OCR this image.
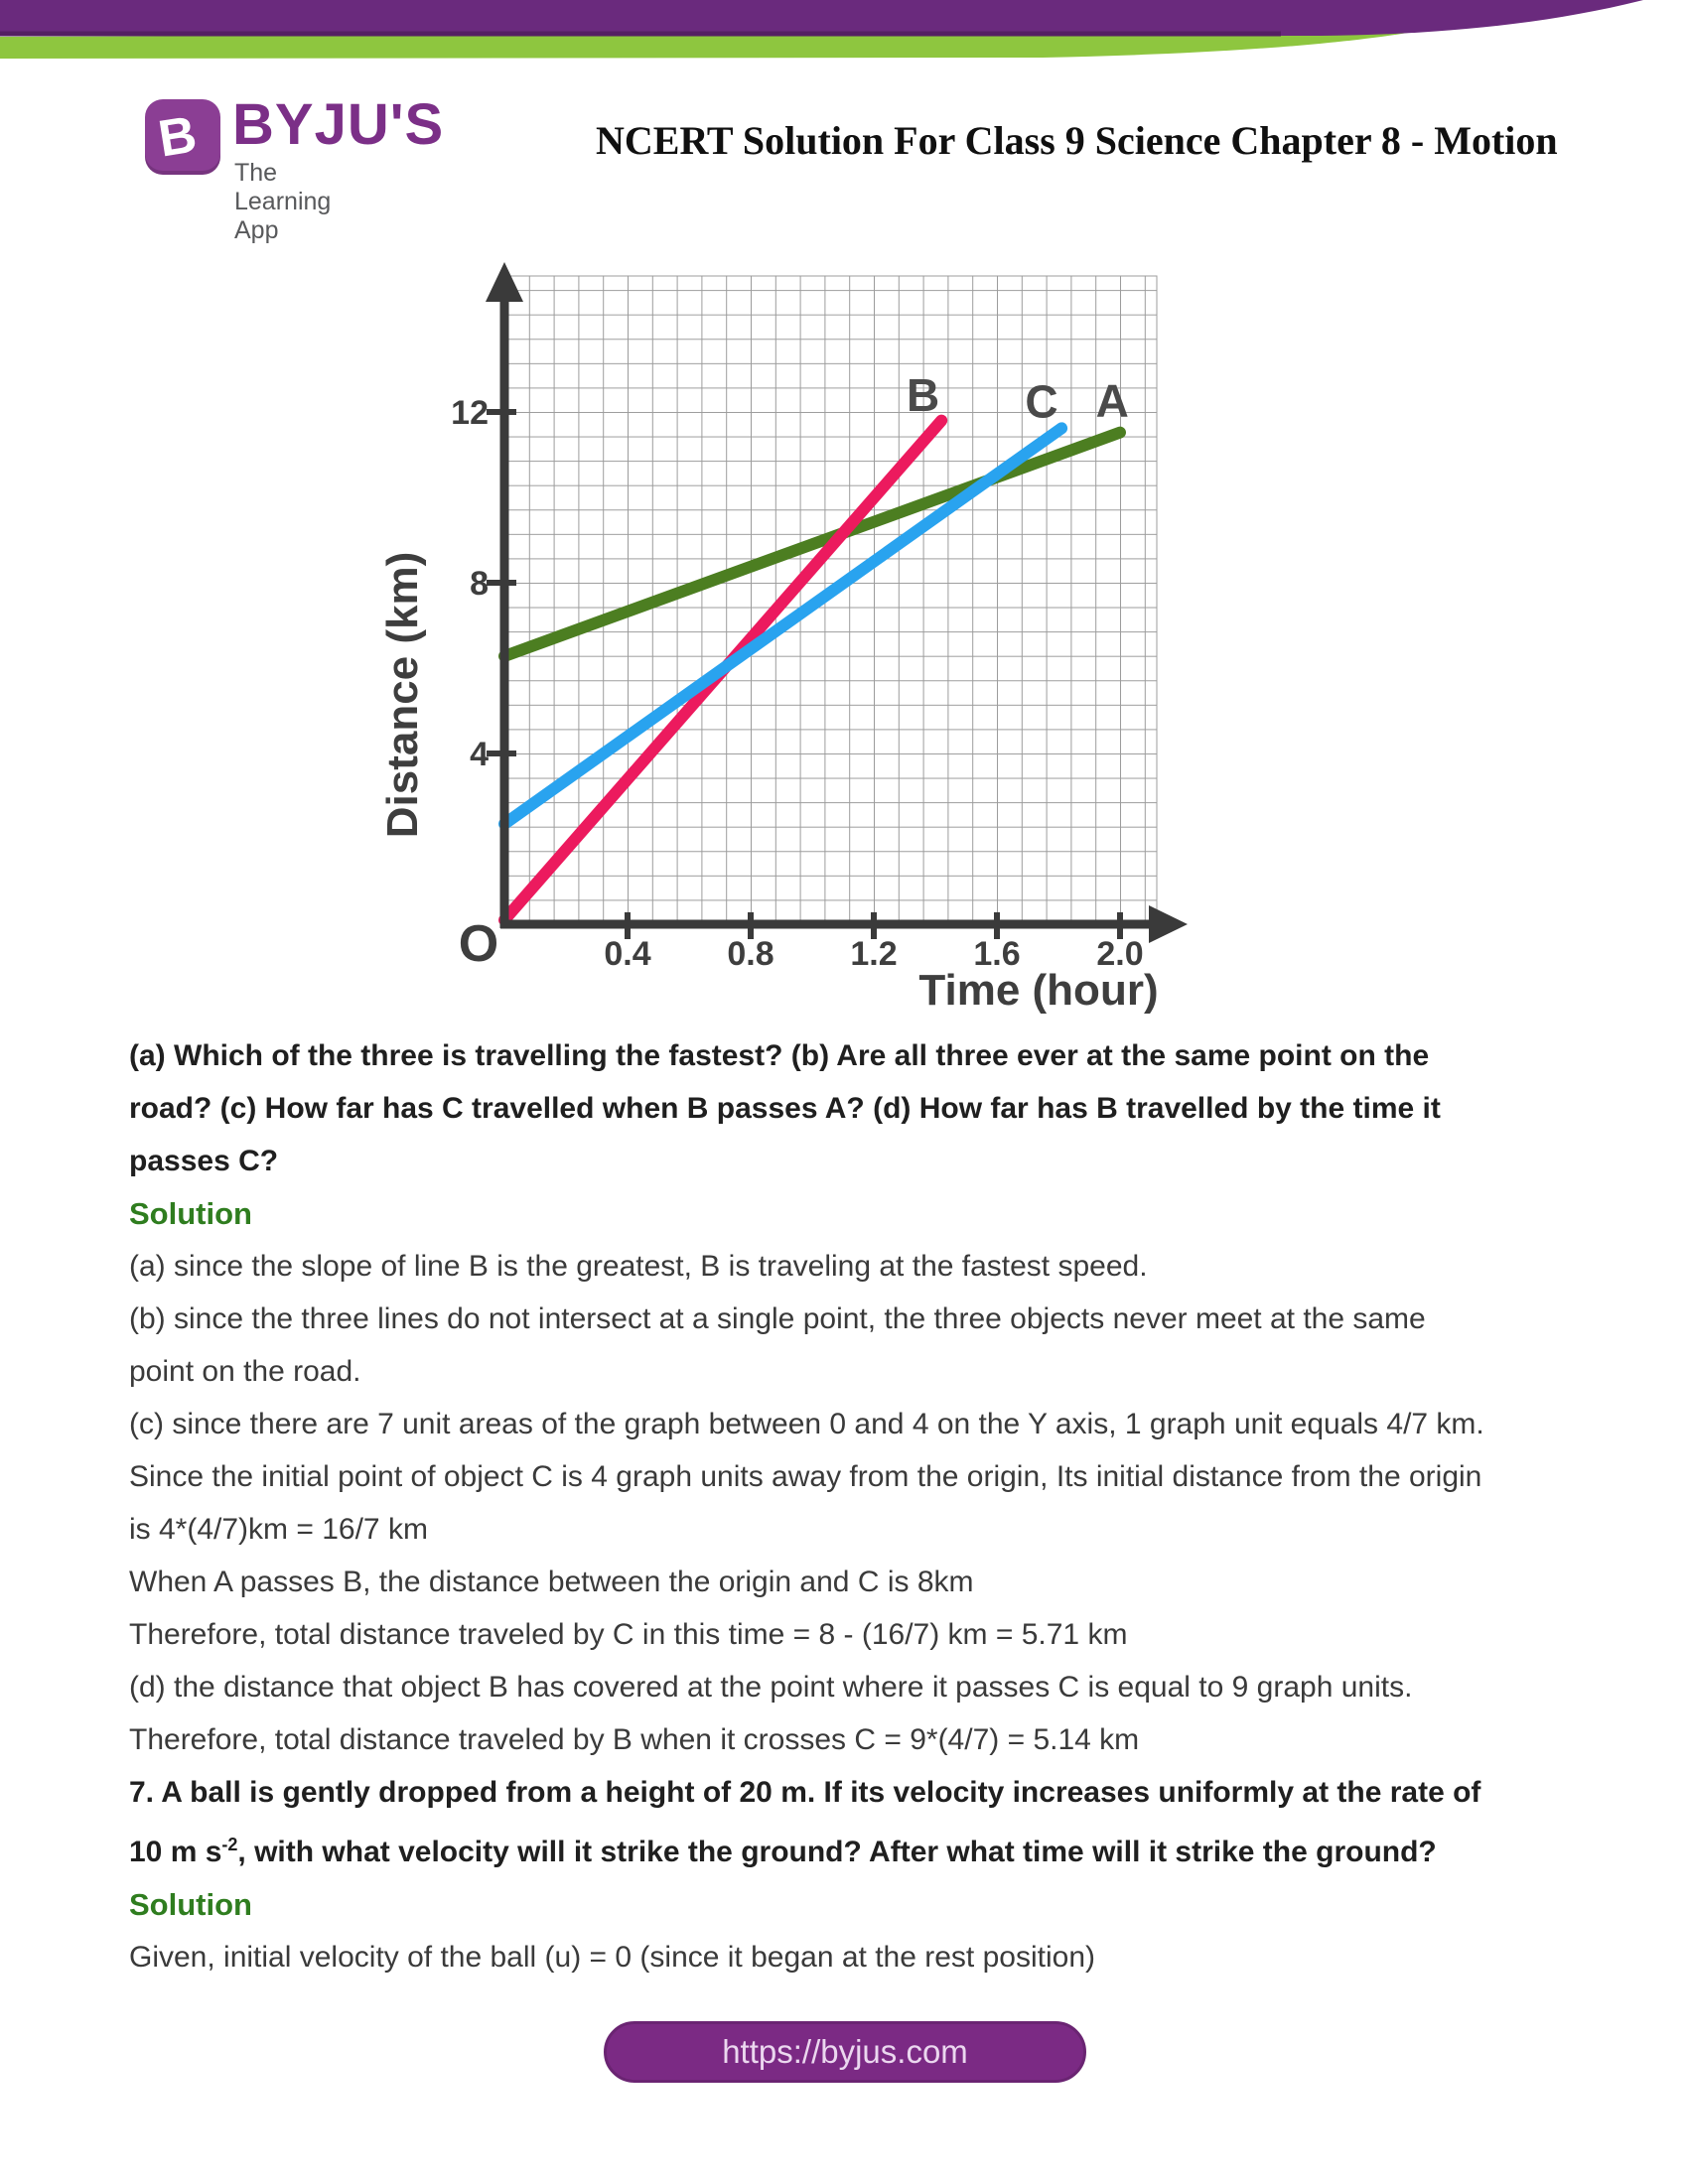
B BYJU'S
The Learning App
NCERT Solution For Class 9 Science Chapter 8 - Motion
0.4 0.8 1.2 1.6 2.0
4
8
12	A
B C
O
Time (hour)
Distance (km)
(a) Which of the three is travelling the fastest? (b) Are all three ever at the same point on the
road? (c) How far has C travelled when B passes A? (d) How far has B travelled by the time it
passes C?
Solution
(a) since the slope of line B is the greatest, B is traveling at the fastest speed.
(b) since the three lines do not intersect at a single point, the three objects never meet at the same
point on the road.
(c) since there are 7 unit areas of the graph between 0 and 4 on the Y axis, 1 graph unit equals 4/7 km.
Since the initial point of object C is 4 graph units away from the origin, Its initial distance from the origin
is 4*(4/7)km = 16/7 km
When A passes B, the distance between the origin and C is 8km
Therefore, total distance traveled by C in this time = 8 - (16/7) km = 5.71 km
(d) the distance that object B has covered at the point where it passes C is equal to 9 graph units.
Therefore, total distance traveled by B when it crosses C = 9*(4/7) = 5.14 km
7. A ball is gently dropped from a height of 20 m. If its velocity increases uniformly at the rate of
10 m $s^{-2}$, with what velocity will it strike the ground? After what time will it strike the ground?
Solution
Given, initial velocity of the ball (u) = 0 (since it began at the rest position)
https://byjus.com
